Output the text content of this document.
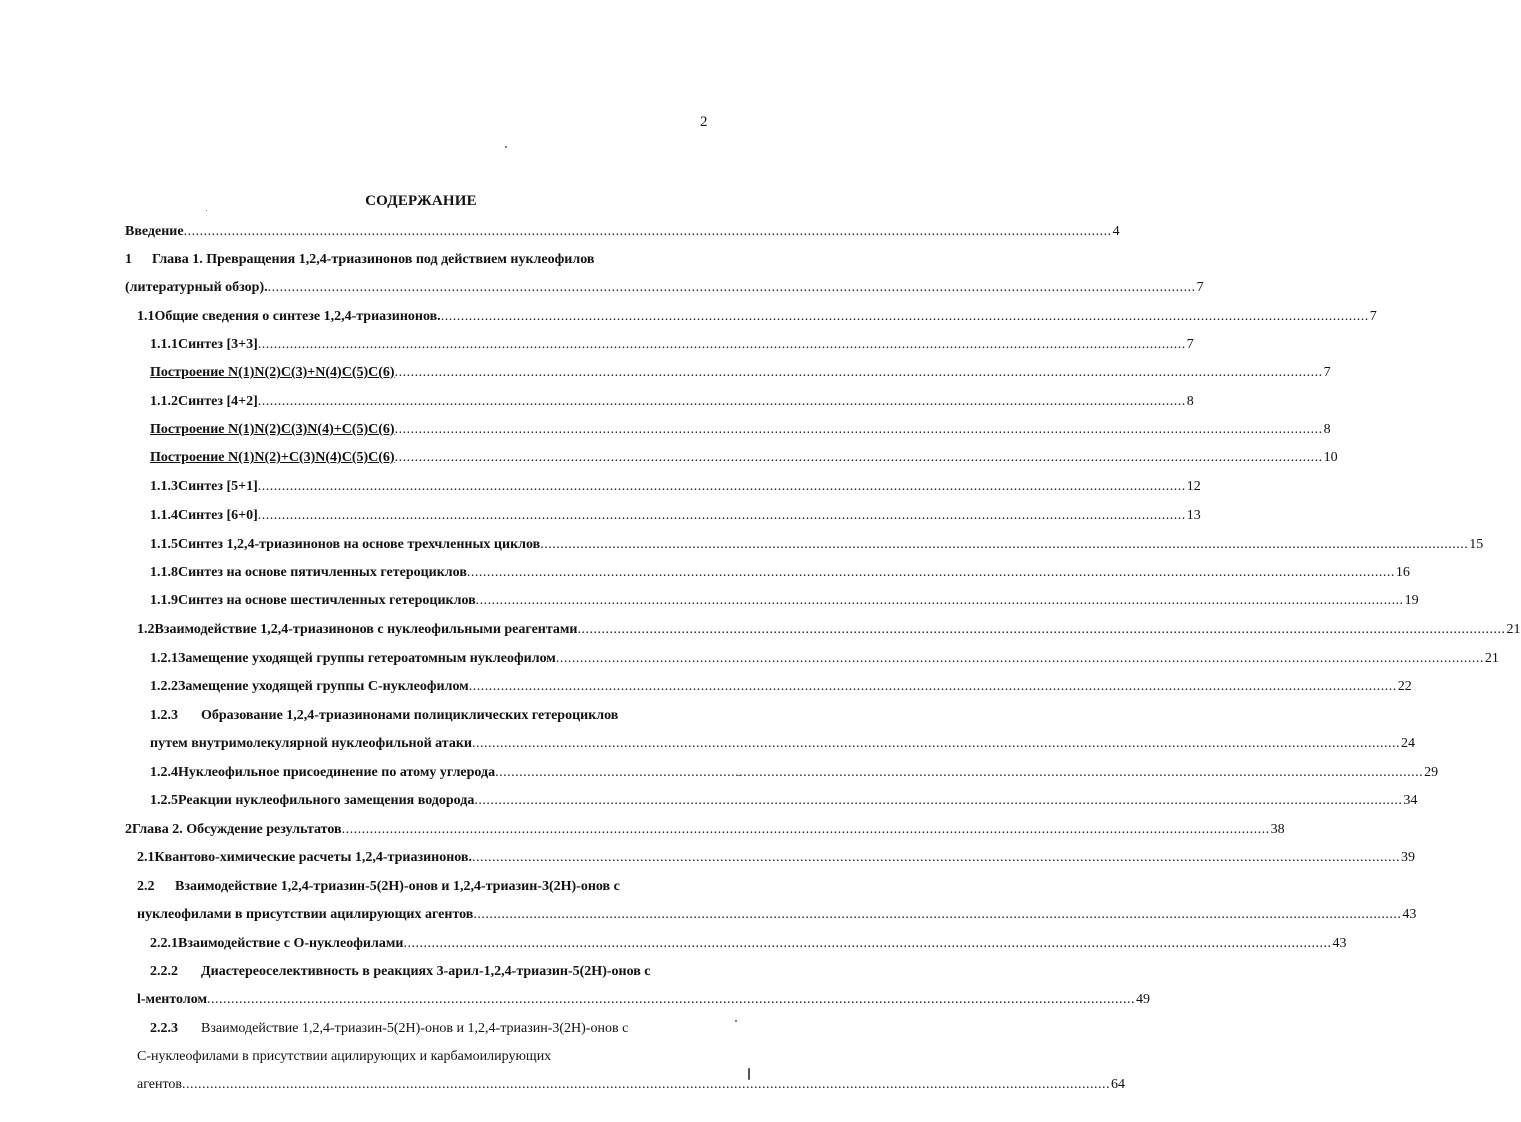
2
СОДЕРЖАНИЕ
Введение .....	4
1 Глава 1. Превращения 1,2,4-триазинонов под действием нуклеофилов
(литературный обзор). .....	7
1.1 Общие сведения о синтезе 1,2,4-триазинонов. .....	7
1.1.1 Синтез [3+3] .....	7
Построение N(1)N(2)C(3)+N(4)C(5)C(6) .....	7
1.1.2 Синтез [4+2] .....	8
Построение N(1)N(2)C(3)N(4)+C(5)C(6) .....	8
Построение N(1)N(2)+C(3)N(4)C(5)C(6) .....	10
1.1.3 Синтез [5+1] .....	12
1.1.4 Синтез [6+0] .....	13
1.1.5 Синтез 1,2,4-триазинонов на основе трехчленных циклов .....	15
1.1.8 Синтез на основе пятичленных гетероциклов .....	16
1.1.9 Синтез на основе шестичленных гетероциклов .....	19
1.2 Взаимодействие 1,2,4-триазинонов с нуклеофильными реагентами .....	21
1.2.1 Замещение уходящей группы гетероатомным нуклеофилом .....	21
1.2.2 Замещение уходящей группы С-нуклеофилом .....	22
1.2.3 Образование 1,2,4-триазинонами полициклических гетероциклов
путем внутримолекулярной нуклеофильной атаки .....	24
1.2.4 Нуклеофильное присоединение по атому углерода .....	29
1.2.5 Реакции нуклеофильного замещения водорода .....	34
2 Глава 2. Обсуждение результатов .....	38
2.1 Квантово-химические расчеты 1,2,4-триазинонов. .....	39
2.2 Взаимодействие 1,2,4-триазин-5(2H)-онов и 1,2,4-триазин-3(2H)-онов с
нуклеофилами в присутствии ацилирующих агентов .....	43
2.2.1 Взаимодействие с О-нуклеофилами .....	43
2.2.2 Диастереоселективность в реакциях 3-арил-1,2,4-триазин-5(2H)-онов с
l-ментолом .....	49
2.2.3 Взаимодействие 1,2,4-триазин-5(2H)-онов и 1,2,4-триазин-3(2H)-онов с
С-нуклеофилами в присутствии ацилирующих и карбамоилирующих
агентов .....	64
